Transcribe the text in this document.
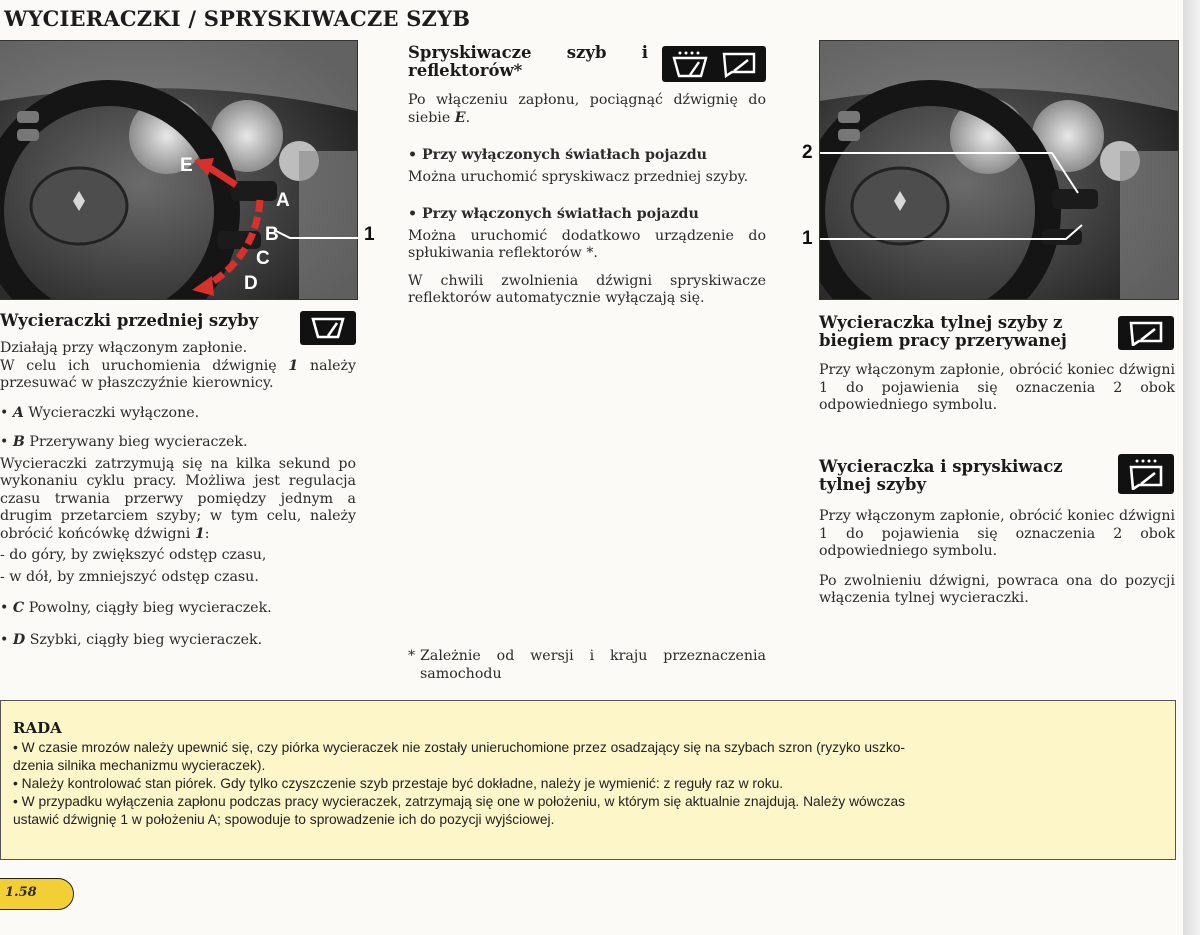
WYCIERACZKI / SPRYSKIWACZE SZYB
E
A
B
C
D
1
Wycieraczki przedniej szyby

Działają przy włączonym zapłonie.
W celu ich uruchomienia dźwignię 1 należy przesuwać w płaszczyźnie kierownicy.

• A Wycieraczki wyłączone.

• B Przerywany bieg wycieraczek.

Wycieraczki zatrzymują się na kilka sekund po wykonaniu cyklu pracy. Możliwa jest regulacja czasu trwania przerwy pomiędzy jednym a drugim przetarciem szyby; w tym celu, należy obrócić końcówkę dźwigni 1:

- do góry, by zwiększyć odstęp czasu,

- w dół, by zmniejszyć odstęp czasu.

• C Powolny, ciągły bieg wycieraczek.

• D Szybki, ciągły bieg wycieraczek.

Spryskiwacze szyb i
reflektorów*

Po włączeniu zapłonu, pociągnąć dźwignię do siebie E.

• Przy wyłączonych światłach pojazdu

Można uruchomić spryskiwacz przedniej szyby.

• Przy włączonych światłach pojazdu

Można uruchomić dodatkowo urządzenie do spłukiwania reflektorów *.

W chwili zwolnienia dźwigni spryskiwacze reflektorów automatycznie wyłączają się.

* Zależnie od wersji i kraju przeznaczenia samochodu
2
1
Wycieraczka tylnej szyby z biegiem pracy przerywanej
Przy włączonym zapłonie, obrócić koniec dźwigni 1 do pojawienia się oznaczenia 2 obok odpowiedniego symbolu.
Wycieraczka i spryskiwacz tylnej szyby

Przy włączonym zapłonie, obrócić koniec dźwigni 1 do pojawienia się oznaczenia 2 obok odpowiedniego symbolu.

Po zwolnieniu dźwigni, powraca ona do pozycji włączenia tylnej wycieraczki.

RADA
• W czasie mrozów należy upewnić się, czy piórka wycieraczek nie zostały unieruchomione przez osadzający się na szybach szron (ryzyko uszko-
dzenia silnika mechanizmu wycieraczek).
• Należy kontrolować stan piórek. Gdy tylko czyszczenie szyb przestaje być dokładne, należy je wymienić: z reguły raz w roku.
• W przypadku wyłączenia zapłonu podczas pracy wycieraczek, zatrzymają się one w położeniu, w którym się aktualnie znajdują. Należy wówczas
ustawić dźwignię 1 w położeniu A; spowoduje to sprowadzenie ich do pozycji wyjściowej.
1.58
